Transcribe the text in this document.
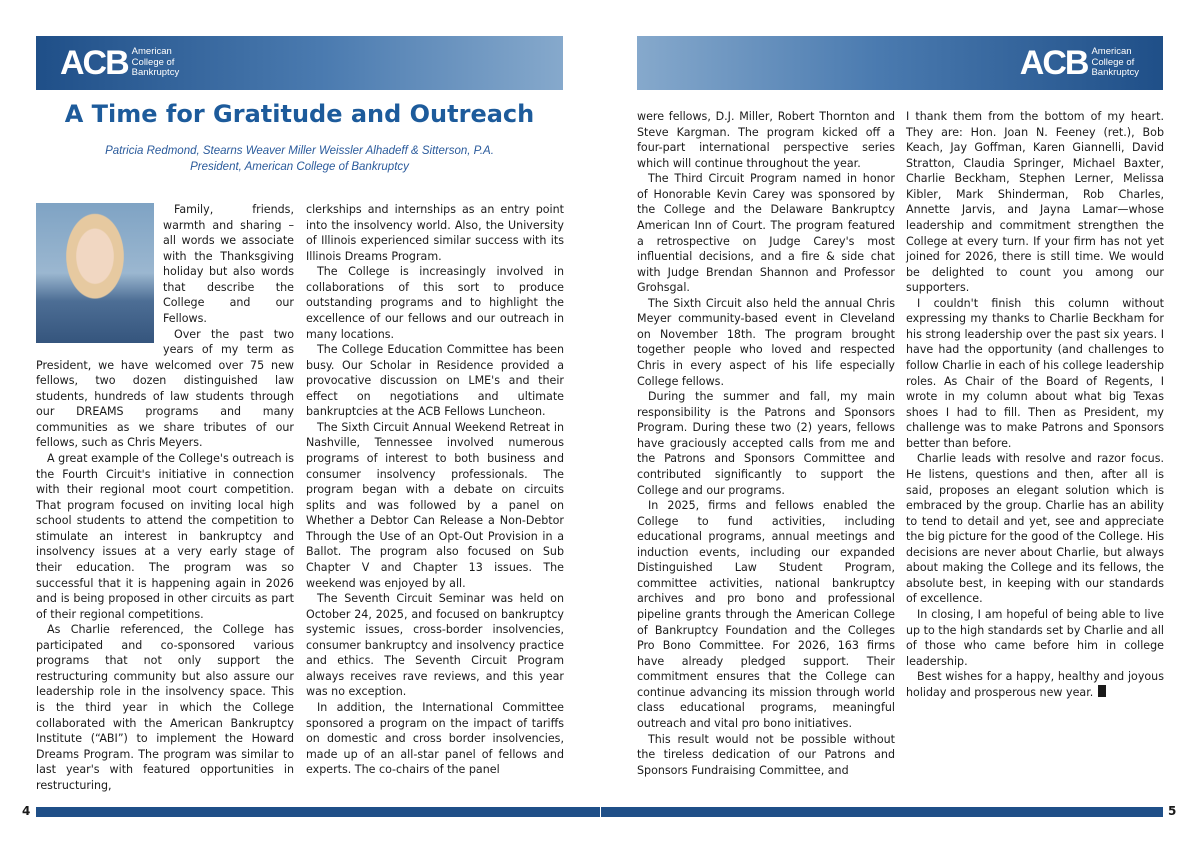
ACB American
College of
Bankruptcy	ACB American
College of
Bankruptcy
A Time for Gratitude and Outreach
Patricia Redmond, Stearns Weaver Miller Weissler Alhadeff & Sitterson, P.A.
President, American College of Bankruptcy

Family, friends, warmth and sharing – all words we associate with the Thanksgiving holiday but also words that describe the College and our Fellows.

Over the past two years of my term as President, we have welcomed over 75 new fellows, two dozen distinguished law students, hundreds of law students through our DREAMS programs and many communities as we share tributes of our fellows, such as Chris Meyers.

A great example of the College's outreach is the Fourth Circuit's initiative in connection with their regional moot court competition. That program focused on inviting local high school students to attend the competition to stimulate an interest in bankruptcy and insolvency issues at a very early stage of their education. The program was so successful that it is happening again in 2026 and is being proposed in other circuits as part of their regional competitions.

As Charlie referenced, the College has participated and co-sponsored various programs that not only support the restructuring community but also assure our leadership role in the insolvency space. This is the third year in which the College collaborated with the American Bankruptcy Institute (“ABI”) to implement the Howard Dreams Program. The program was similar to last year's with featured opportunities in restructuring,

clerkships and internships as an entry point into the insolvency world. Also, the University of Illinois experienced similar success with its Illinois Dreams Program.

The College is increasingly involved in collaborations of this sort to produce outstanding programs and to highlight the excellence of our fellows and our outreach in many locations.

The College Education Committee has been busy. Our Scholar in Residence provided a provocative discussion on LME's and their effect on negotiations and ultimate bankruptcies at the ACB Fellows Luncheon.

The Sixth Circuit Annual Weekend Retreat in Nashville, Tennessee involved numerous programs of interest to both business and consumer insolvency professionals. The program began with a debate on circuits splits and was followed by a panel on Whether a Debtor Can Release a Non-Debtor Through the Use of an Opt-Out Provision in a Ballot. The program also focused on Sub Chapter V and Chapter 13 issues. The weekend was enjoyed by all.

The Seventh Circuit Seminar was held on October 24, 2025, and focused on bankruptcy systemic issues, cross-border insolvencies, consumer bankruptcy and insolvency practice and ethics. The Seventh Circuit Program always receives rave reviews, and this year was no exception.

In addition, the International Committee sponsored a program on the impact of tariffs on domestic and cross border insolvencies, made up of an all-star panel of fellows and experts. The co-chairs of the panel

were fellows, D.J. Miller, Robert Thornton and Steve Kargman. The program kicked off a four-part international perspective series which will continue throughout the year.

The Third Circuit Program named in honor of Honorable Kevin Carey was sponsored by the College and the Delaware Bankruptcy American Inn of Court. The program featured a retrospective on Judge Carey's most influential decisions, and a fire & side chat with Judge Brendan Shannon and Professor Grohsgal.

The Sixth Circuit also held the annual Chris Meyer community-based event in Cleveland on November 18th. The program brought together people who loved and respected Chris in every aspect of his life especially College fellows.

During the summer and fall, my main responsibility is the Patrons and Sponsors Program. During these two (2) years, fellows have graciously accepted calls from me and the Patrons and Sponsors Committee and contributed significantly to support the College and our programs.

In 2025, firms and fellows enabled the College to fund activities, including educational programs, annual meetings and induction events, including our expanded Distinguished Law Student Program, committee activities, national bankruptcy archives and pro bono and professional pipeline grants through the American College of Bankruptcy Foundation and the Colleges Pro Bono Committee. For 2026, 163 firms have already pledged support. Their commitment ensures that the College can continue advancing its mission through world class educational programs, meaningful outreach and vital pro bono initiatives.

This result would not be possible without the tireless dedication of our Patrons and Sponsors Fundraising Committee, and

I thank them from the bottom of my heart. They are: Hon. Joan N. Feeney (ret.), Bob Keach, Jay Goffman, Karen Giannelli, David Stratton, Claudia Springer, Michael Baxter, Charlie Beckham, Stephen Lerner, Melissa Kibler, Mark Shinderman, Rob Charles, Annette Jarvis, and Jayna Lamar—whose leadership and commitment strengthen the College at every turn. If your firm has not yet joined for 2026, there is still time. We would be delighted to count you among our supporters.

I couldn't finish this column without expressing my thanks to Charlie Beckham for his strong leadership over the past six years. I have had the opportunity (and challenges to follow Charlie in each of his college leadership roles. As Chair of the Board of Regents, I wrote in my column about what big Texas shoes I had to fill. Then as President, my challenge was to make Patrons and Sponsors better than before.

Charlie leads with resolve and razor focus. He listens, questions and then, after all is said, proposes an elegant solution which is embraced by the group. Charlie has an ability to tend to detail and yet, see and appreciate the big picture for the good of the College. His decisions are never about Charlie, but always about making the College and its fellows, the absolute best, in keeping with our standards of excellence.

In closing, I am hopeful of being able to live up to the high standards set by Charlie and all of those who came before him in college leadership.

Best wishes for a happy, healthy and joyous holiday and prosperous new year.

4	5
